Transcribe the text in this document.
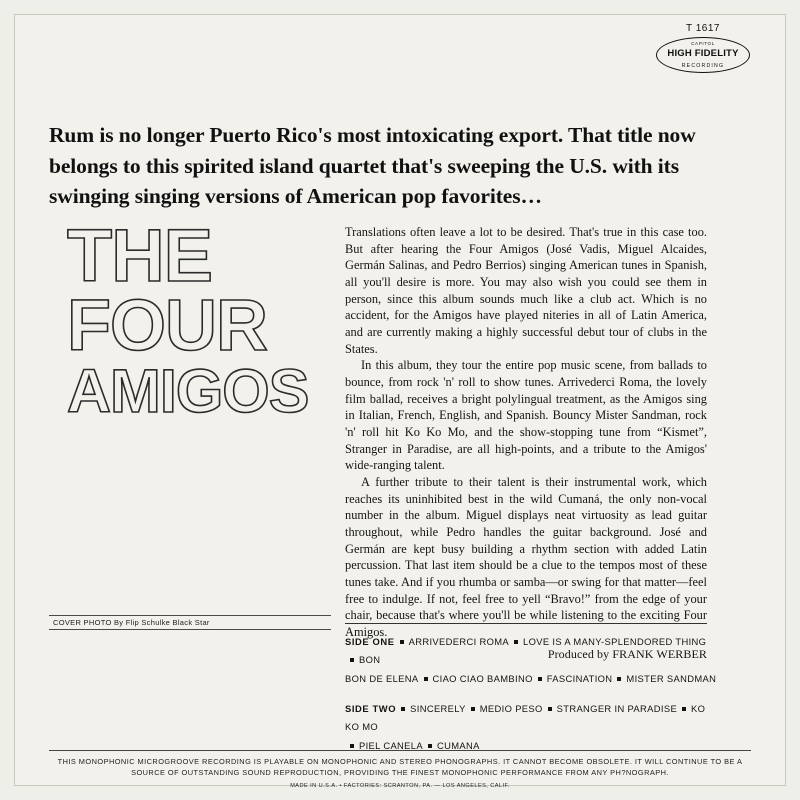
T 1617
CAPITOL
HIGH FIDELITY
RECORDING
Rum is no longer Puerto Rico's most intoxicating export. That title now belongs to this spirited island quartet that's sweeping the U.S. with its swinging singing versions of American pop favorites…
THE
FOUR
AMIGOS
COVER PHOTO By Flip Schulke Black Star

Translations often leave a lot to be desired. That's true in this case too. But after hearing the Four Amigos (José Vadis, Miguel Alcaides, Germán Salinas, and Pedro Berrios) singing American tunes in Spanish, all you'll desire is more. You may also wish you could see them in person, since this album sounds much like a club act. Which is no accident, for the Amigos have played niteries in all of Latin America, and are currently making a highly successful debut tour of clubs in the States.

In this album, they tour the entire pop music scene, from ballads to bounce, from rock 'n' roll to show tunes. Arrivederci Roma, the lovely film ballad, receives a bright polylingual treatment, as the Amigos sing in Italian, French, English, and Spanish. Bouncy Mister Sandman, rock 'n' roll hit Ko Ko Mo, and the show-stopping tune from “Kismet”, Stranger in Paradise, are all high-points, and a tribute to the Amigos' wide-ranging talent.

A further tribute to their talent is their instrumental work, which reaches its uninhibited best in the wild Cumaná, the only non-vocal number in the album. Miguel displays neat virtuosity as lead guitar throughout, while Pedro handles the guitar background. José and Germán are kept busy building a rhythm section with added Latin percussion. That last item should be a clue to the tempos most of these tunes take. And if you rhumba or samba—or swing for that matter—feel free to indulge. If not, feel free to yell “Bravo!” from the edge of your chair, because that's where you'll be while listening to the exciting Four Amigos.

Produced by FRANK WERBER

SIDE ONE ARRIVEDERCI ROMA LOVE IS A MANY-SPLENDORED THINGBON
BON DE ELENA CIAO CIAO BAMBINO FASCINATION MISTER SANDMAN
SIDE TWO SINCERELY MEDIO PESO STRANGER IN PARADISE KO KO MO
PIEL CANELA CUMANA
THIS MONOPHONIC MICROGROOVE RECORDING IS PLAYABLE ON MONOPHONIC AND STEREO PHONOGRAPHS. IT CANNOT BECOME OBSOLETE. IT WILL CONTINUE TO BE A SOURCE OF OUTSTANDING SOUND REPRODUCTION, PROVIDING THE FINEST MONOPHONIC PERFORMANCE FROM ANY PH?NOGRAPH.
MADE IN U.S.A. • FACTORIES: SCRANTON, PA. — LOS ANGELES, CALIF.
